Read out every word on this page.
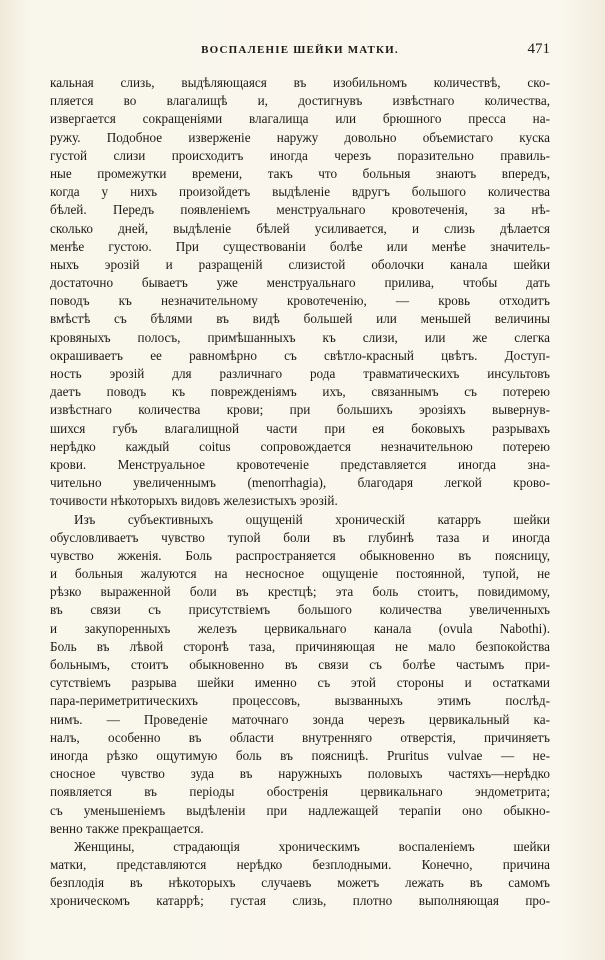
ВОСПАЛЕНІЕ ШЕЙКИ МАТКИ.	471
кальная слизь, выдѣляющаяся въ изобильномъ количествѣ, ско-
пляется во влагалищѣ и, достигнувъ извѣстнаго количества,
извергается сокращеніями влагалища или брюшного пресса на-
ружу. Подобное изверженіе наружу довольно объемистаго куска
густой слизи происходитъ иногда черезъ поразительно правиль-
ные промежутки времени, такъ что больныя знаютъ впередъ,
когда у нихъ произойдетъ выдѣленіе вдругъ большого количества
бѣлей. Передъ появленіемъ менструальнаго кровотеченія, за нѣ-
сколько дней, выдѣленіе бѣлей усиливается, и слизь дѣлается
менѣе густою. При существованіи болѣе или менѣе значитель-
ныхъ эрозій и разращеній слизистой оболочки канала шейки
достаточно бываетъ уже менструальнаго прилива, чтобы дать
поводъ къ незначительному кровотеченію, — кровь отходитъ
вмѣстѣ съ бѣлями въ видѣ большей или меньшей величины
кровяныхъ полосъ, примѣшанныхъ къ слизи, или же слегка
окрашиваетъ ее равномѣрно съ свѣтло-красный цвѣтъ. Доступ-
ность эрозій для различнаго рода травматическихъ инсультовъ
даетъ поводъ къ поврежденіямъ ихъ, связаннымъ съ потерею
извѣстнаго количества крови; при большихъ эрозіяхъ вывернув-
шихся губъ влагалищной части при ея боковыхъ разрывахъ
нерѣдко каждый coitus сопровождается незначительною потерею
крови. Менструальное кровотеченіе представляется иногда зна-
чительно увеличеннымъ (menorrhagia), благодаря легкой крово-
точивости нѣкоторыхъ видовъ железистыхъ эрозій.
Изъ субъективныхъ ощущеній хроническій катарръ шейки
обусловливаетъ чувство тупой боли въ глубинѣ таза и иногда
чувство жженія. Боль распространяется обыкновенно въ поясницу,
и больныя жалуются на несносное ощущеніе постоянной, тупой, не
рѣзко выраженной боли въ крестцѣ; эта боль стоитъ, повидимому,
въ связи съ присутствіемъ большого количества увеличенныхъ
и закупоренныхъ железъ цервикальнаго канала (ovula Nabothi).
Боль въ лѣвой сторонѣ таза, причиняющая не мало безпокойства
больнымъ, стоитъ обыкновенно въ связи съ болѣе частымъ при-
сутствіемъ разрыва шейки именно съ этой стороны и остатками
пара-периметритическихъ процессовъ, вызванныхъ этимъ послѣд-
нимъ. — Проведеніе маточнаго зонда черезъ цервикальный ка-
налъ, особенно въ области внутренняго отверстія, причиняетъ
иногда рѣзко ощутимую боль въ поясницѣ. Pruritus vulvae — не-
сносное чувство зуда въ наружныхъ половыхъ частяхъ—нерѣдко
появляется въ періоды обостренія цервикальнаго эндометрита;
съ уменьшеніемъ выдѣленіи при надлежащей терапіи оно обыкно-
венно также прекращается.
Женщины, страдающія хроническимъ воспаленіемъ шейки
матки, представляются нерѣдко безплодными. Конечно, причина
безплодія въ нѣкоторыхъ случаевъ можетъ лежать въ самомъ
хроническомъ катаррѣ; густая слизь, плотно выполняющая про-
